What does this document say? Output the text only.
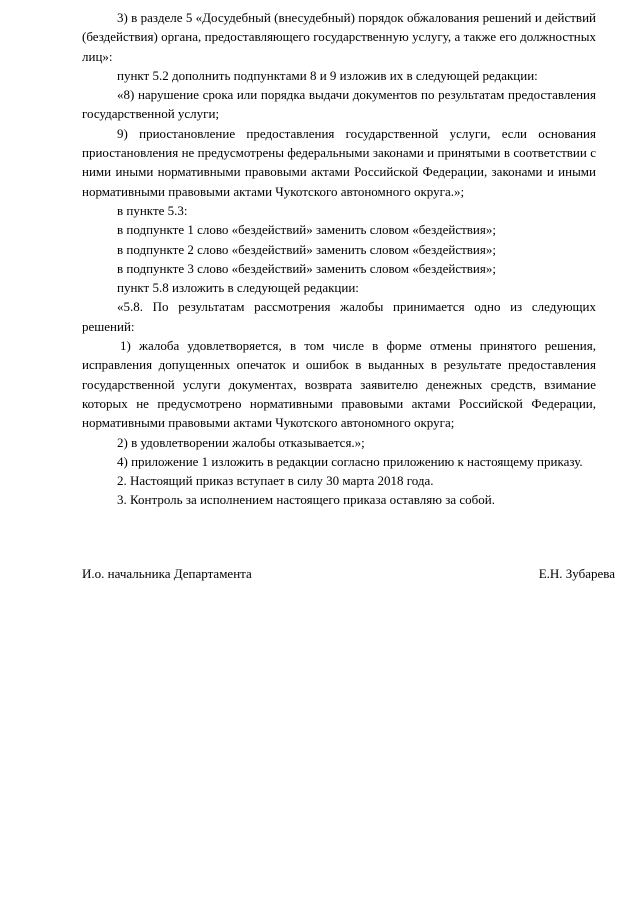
3) в разделе 5 «Досудебный (внесудебный) порядок обжалования решений и действий (бездействия) органа, предоставляющего государственную услугу, а также его должностных лиц»:

пункт 5.2 дополнить подпунктами 8 и 9 изложив их в следующей редакции:

«8) нарушение срока или порядка выдачи документов по результатам предоставления государственной услуги;

9) приостановление предоставления государственной услуги, если основания приостановления не предусмотрены федеральными законами и принятыми в соответствии с ними иными нормативными правовыми актами Российской Федерации, законами и иными нормативными правовыми актами Чукотского автономного округа.»;

в пункте 5.3:

в подпункте 1 слово «бездействий» заменить словом «бездействия»;

в подпункте 2 слово «бездействий» заменить словом «бездействия»;

в подпункте 3 слово «бездействий» заменить словом «бездействия»;

пункт 5.8 изложить в следующей редакции:

«5.8. По результатам рассмотрения жалобы принимается одно из следующих решений:

1) жалоба удовлетворяется, в том числе в форме отмены принятого решения, исправления допущенных опечаток и ошибок в выданных в результате предоставления государственной услуги документах, возврата заявителю денежных средств, взимание которых не предусмотрено нормативными правовыми актами Российской Федерации, нормативными правовыми актами Чукотского автономного округа;

2) в удовлетворении жалобы отказывается.»;

4) приложение 1 изложить в редакции согласно приложению к настоящему приказу.

2. Настоящий приказ вступает в силу 30 марта 2018 года.

3. Контроль за исполнением настоящего приказа оставляю за собой.

И.о. начальника Департамента	Е.Н. Зубарева
